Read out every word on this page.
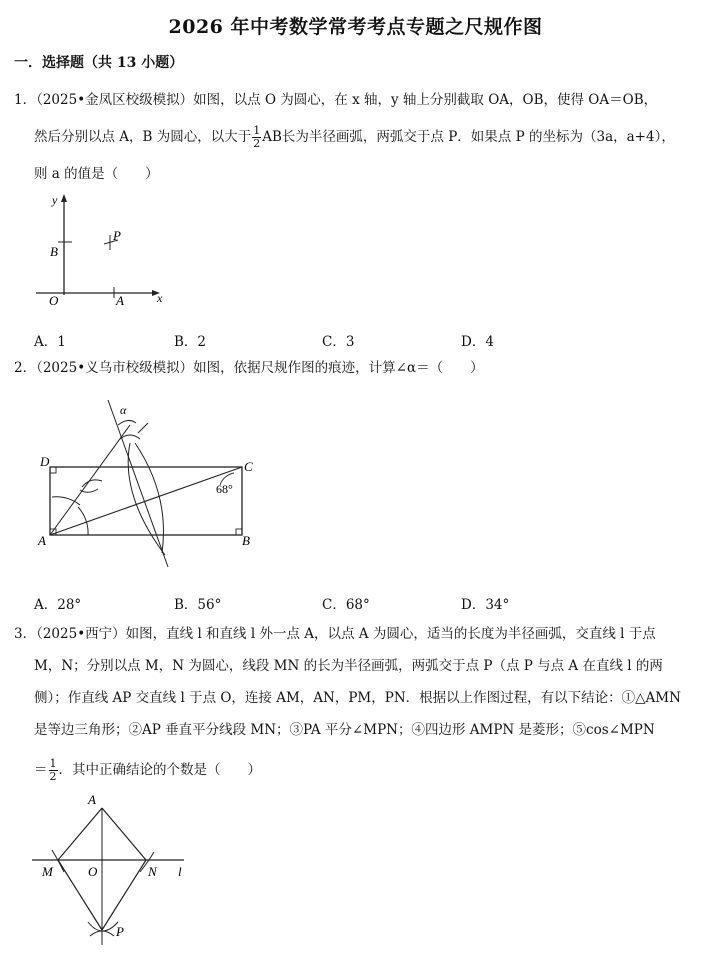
2026 年中考数学常考考点专题之尺规作图
一．选择题（共 13 小题）
1．（2025•金凤区校级模拟）如图，以点 O 为圆心，在 x 轴，y 轴上分别截取 OA，OB，使得 OA＝OB，
然后分别以点 A，B 为圆心，以大于 $\frac{1}{2}$ AB长为半径画弧，两弧交于点 P．如果点 P 的坐标为（3a，a+4），
则 a 的值是（　　）
y
B
P
O	A	x
A．1	B．2	C．3	D．4
2．（2025•义乌市校级模拟）如图，依据尺规作图的痕迹，计算∠α＝（　　）
α
D	C
A	B
68°
A．28°	B．56°	C．68°	D．34°
3．（2025•西宁）如图，直线 l 和直线 l 外一点 A，以点 A 为圆心，适当的长度为半径画弧，交直线 l 于点
M，N；分别以点 M，N 为圆心，线段 MN 的长为半径画弧，两弧交于点 P（点 P 与点 A 在直线 l 的两
侧）；作直线 AP 交直线 l 于点 O，连接 AM，AN，PM，PN．根据以上作图过程，有以下结论：①△AMN
是等边三角形；②AP 垂直平分线段 MN；③PA 平分∠MPN；④四边形 AMPN 是菱形；⑤cos∠MPN
＝ $\frac{1}{2}$ ．其中正确结论的个数是（　　）
A
M	O	N l
P
